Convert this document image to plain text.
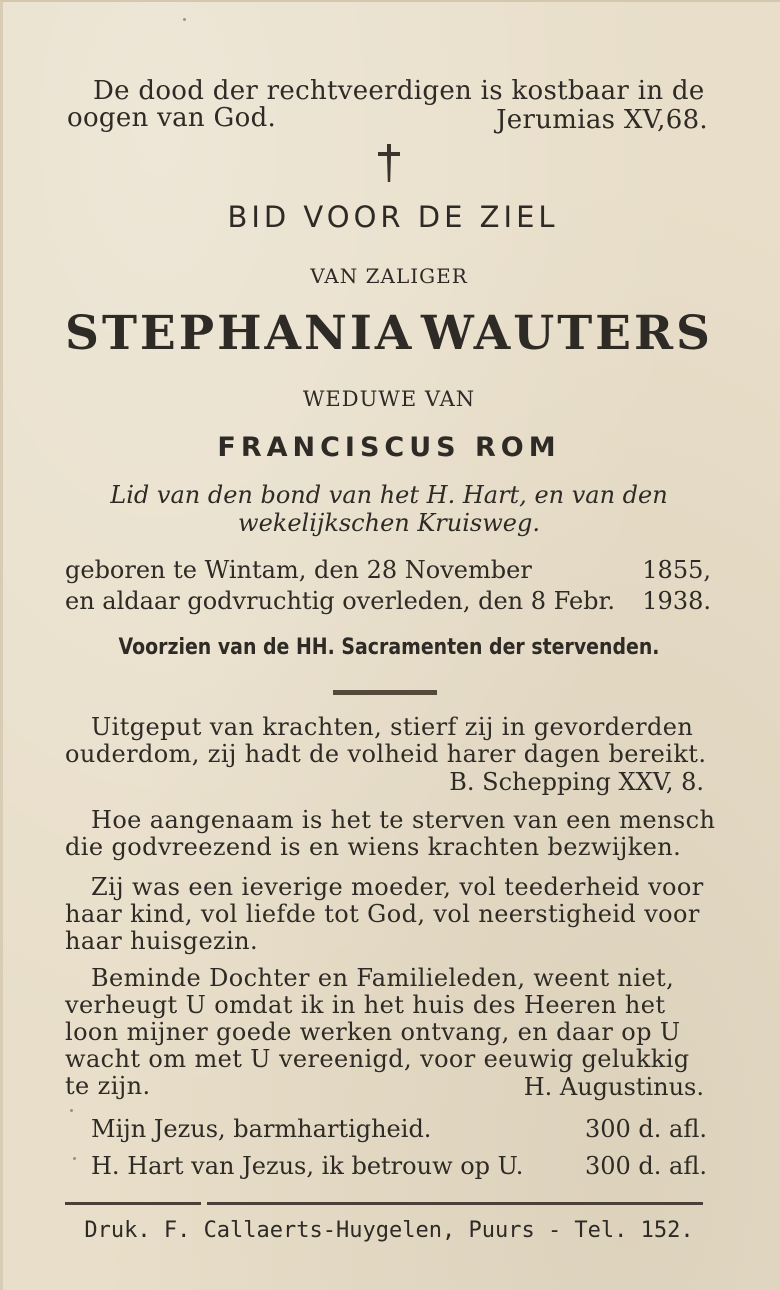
De dood der rechtveerdigen is kostbaar in de
oogen van God.	Jerumias XV,68.
BID VOOR DE ZIEL
VAN ZALIGER
STEPHANIA WAUTERS
WEDUWE VAN
FRANCISCUS ROM
Lid van den bond van het H. Hart, en van den
wekelijkschen Kruisweg.
geboren te Wintam, den 28 November	1855,
en aldaar godvruchtig overleden, den 8 Febr. 1938.
Voorzien van de HH. Sacramenten der stervenden.
Uitgeput van krachten, stierf zij in gevorderden
ouderdom, zij hadt de volheid harer dagen bereikt.
B. Schepping XXV, 8.
Hoe aangenaam is het te sterven van een mensch
die godvreezend is en wiens krachten bezwijken.
Zij was een ieverige moeder, vol teederheid voor
haar kind, vol liefde tot God, vol neerstigheid voor
haar huisgezin.
Beminde Dochter en Familieleden, weent niet,
verheugt U omdat ik in het huis des Heeren het
loon mijner goede werken ontvang, en daar op U
wacht om met U vereenigd, voor eeuwig gelukkig
te zijn.	H. Augustinus.
Mijn Jezus, barmhartigheid.	300 d. afl.
H. Hart van Jezus, ik betrouw op U.	300 d. afl.
Druk. F. Callaerts-Huygelen, Puurs - Tel. 152.
